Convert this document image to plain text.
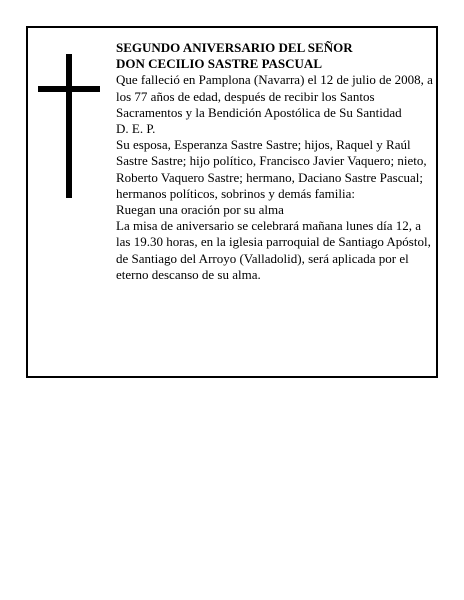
SEGUNDO ANIVERSARIO DEL SEÑOR

DON CECILIO SASTRE PASCUAL

Que falleció en Pamplona (Navarra) el 12 de julio de 2008, a los 77 años de edad, después de recibir los Santos Sacramentos y la Bendición Apostólica de Su Santidad

D. E. P.

Su esposa, Esperanza Sastre Sastre; hijos, Raquel y Raúl Sastre Sastre; hijo político, Francisco Javier Vaquero; nieto, Roberto Vaquero Sastre; hermano, Daciano Sastre Pascual; hermanos políticos, sobrinos y demás familia:

Ruegan una oración por su alma

La misa de aniversario se celebrará mañana lunes día 12, a las 19.30 horas, en la iglesia parroquial de Santiago Apóstol, de Santiago del Arroyo (Valladolid), será aplicada por el eterno descanso de su alma.
